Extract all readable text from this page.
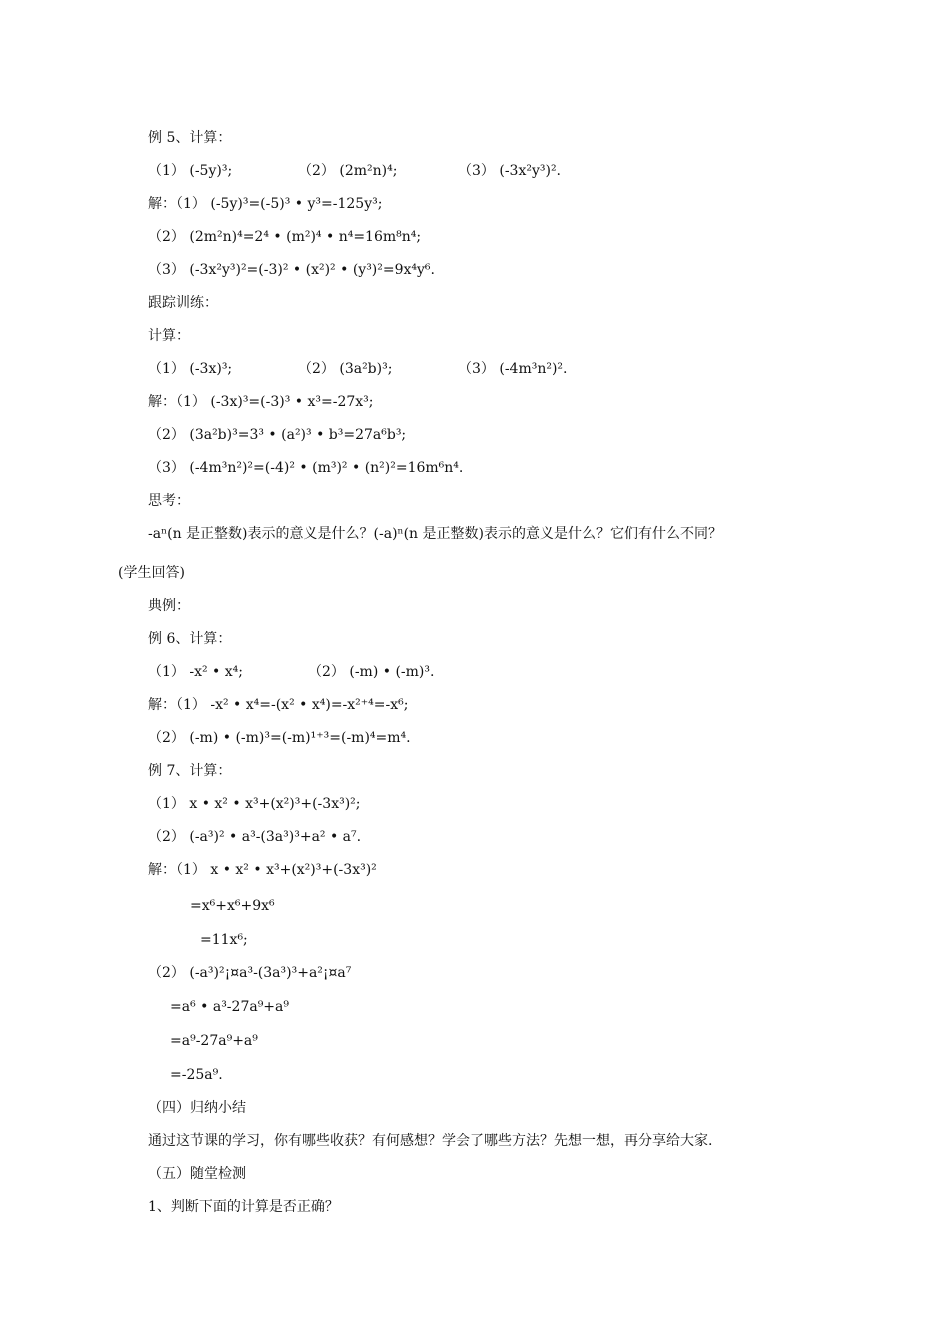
例 5、计算：
（1） (-5y)³;	（2） (2m²n)⁴;	（3） (-3x²y³)².
解：（1） (-5y)³=(-5)³ • y³=-125y³;
（2） (2m²n)⁴=2⁴ • (m²)⁴ • n⁴=16m⁸n⁴;
（3） (-3x²y³)²=(-3)² • (x²)² • (y³)²=9x⁴y⁶.
跟踪训练：
计算：
（1） (-3x)³;	（2） (3a²b)³;	（3） (-4m³n²)².
解：（1） (-3x)³=(-3)³ • x³=-27x³;
（2） (3a²b)³=3³ • (a²)³ • b³=27a⁶b³;
（3） (-4m³n²)²=(-4)² • (m³)² • (n²)²=16m⁶n⁴.
思考：
-aⁿ(n 是正整数)表示的意义是什么？(-a)ⁿ(n 是正整数)表示的意义是什么？它们有什么不同？
(学生回答)
典例：
例 6、计算：
（1） -x² • x⁴;	（2） (-m) • (-m)³.
解：（1） -x² • x⁴=-(x² • x⁴)=-x²⁺⁴=-x⁶;
（2） (-m) • (-m)³=(-m)¹⁺³=(-m)⁴=m⁴.
例 7、计算：
（1） x • x² • x³+(x²)³+(-3x³)²;
（2） (-a³)² • a³-(3a³)³+a² • a⁷.
解：（1） x • x² • x³+(x²)³+(-3x³)²
=x⁶+x⁶+9x⁶
=11x⁶;
（2） (-a³)²¡¤a³-(3a³)³+a²¡¤a⁷
=a⁶ • a³-27a⁹+a⁹
=a⁹-27a⁹+a⁹
=-25a⁹.
（四）归纳小结
通过这节课的学习，你有哪些收获？有何感想？学会了哪些方法？先想一想，再分享给大家.
（五）随堂检测
1、判断下面的计算是否正确？
